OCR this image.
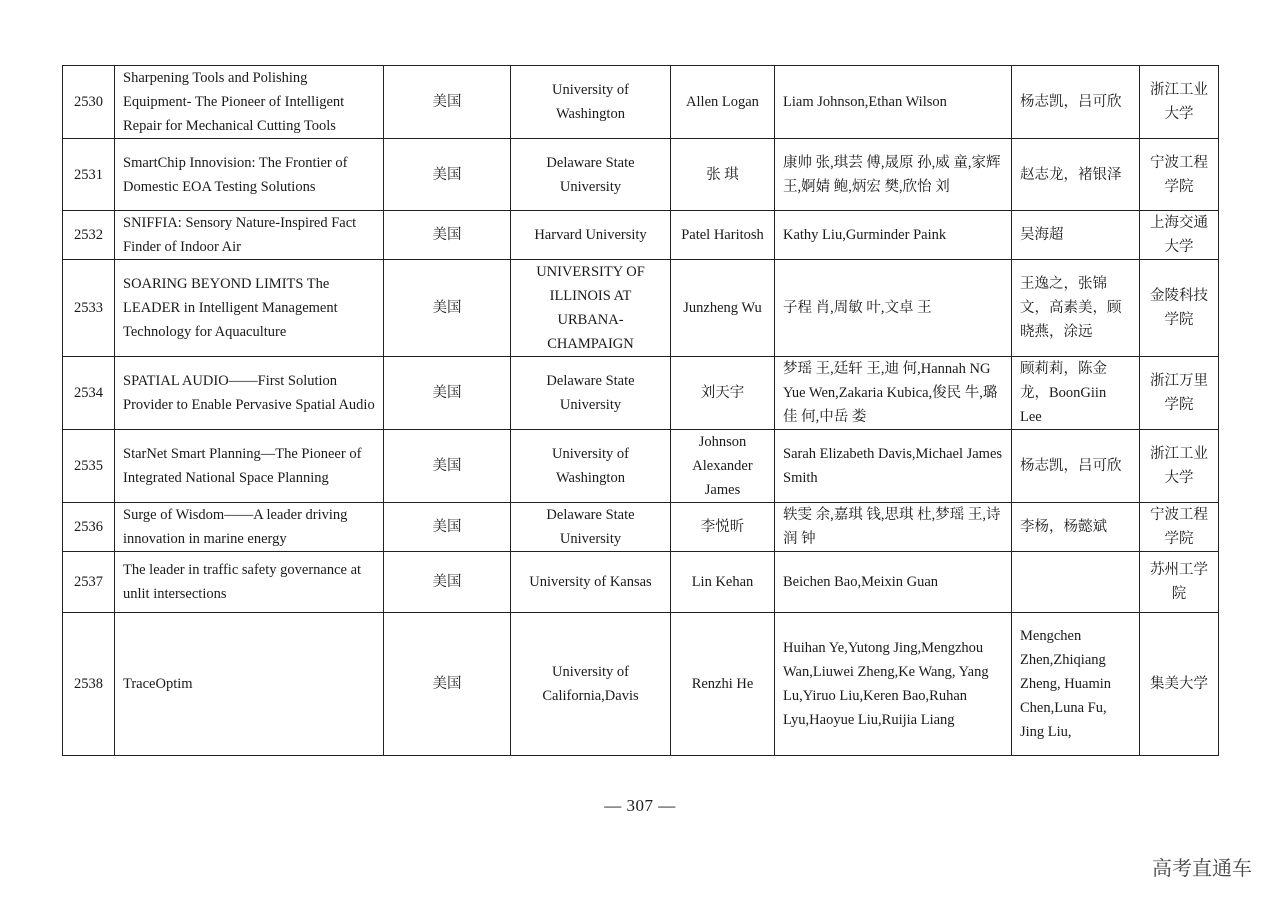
2530	Sharpening Tools and Polishing Equipment- The Pioneer of Intelligent Repair for Mechanical Cutting Tools	美国	University of Washington	Allen Logan	Liam Johnson,Ethan Wilson	杨志凯，吕可欣	浙江工业大学
2531	SmartChip Innovision: The Frontier of Domestic EOA Testing Solutions	美国	Delaware State University	张 琪	康帅 张,琪芸 傅,晟原 孙,威 童,家辉 王,婀婧 鲍,炳宏 樊,欣怡 刘	赵志龙，褚银泽	宁波工程学院
2532	SNIFFIA: Sensory Nature-Inspired Fact Finder of Indoor Air	美国	Harvard University	Patel Haritosh	Kathy Liu,Gurminder Paink	吴海超	上海交通大学
2533	SOARING BEYOND LIMITS The LEADER in Intelligent Management Technology for Aquaculture	美国	UNIVERSITY OF ILLINOIS AT URBANA-CHAMPAIGN	Junzheng Wu	子程 肖,周敏 叶,文卓 王	王逸之，张锦文，高素美，顾晓燕，涂远	金陵科技学院
2534	SPATIAL AUDIO——First Solution Provider to Enable Pervasive Spatial Audio	美国	Delaware State University	刘天宇	梦瑶 王,廷轩 王,迪 何,Hannah NG Yue Wen,Zakaria Kubica,俊民 牛,璐佳 何,中岳 娄	顾莉莉，陈金龙，BoonGiin Lee	浙江万里学院
2535	StarNet Smart Planning—The Pioneer of Integrated National Space Planning	美国	University of Washington	Johnson Alexander James	Sarah Elizabeth Davis,Michael James Smith	杨志凯，吕可欣	浙江工业大学
2536	Surge of Wisdom——A leader driving innovation in marine energy	美国	Delaware State University	李悦昕	轶雯 余,嘉琪 钱,思琪 杜,梦瑶 王,诗润 钟	李杨，杨懿斌	宁波工程学院
2537	The leader in traffic safety governance at unlit intersections	美国	University of Kansas	Lin Kehan	Beichen Bao,Meixin Guan		苏州工学院
2538	TraceOptim	美国	University of California,Davis	Renzhi He	Huihan Ye,Yutong Jing,Mengzhou Wan,Liuwei Zheng,Ke Wang, Yang Lu,Yiruo Liu,Keren Bao,Ruhan Lyu,Haoyue Liu,Ruijia Liang	Mengchen Zhen,Zhiqiang Zheng, Huamin Chen,Luna Fu, Jing Liu,	集美大学
— 307 —
高考直通车
